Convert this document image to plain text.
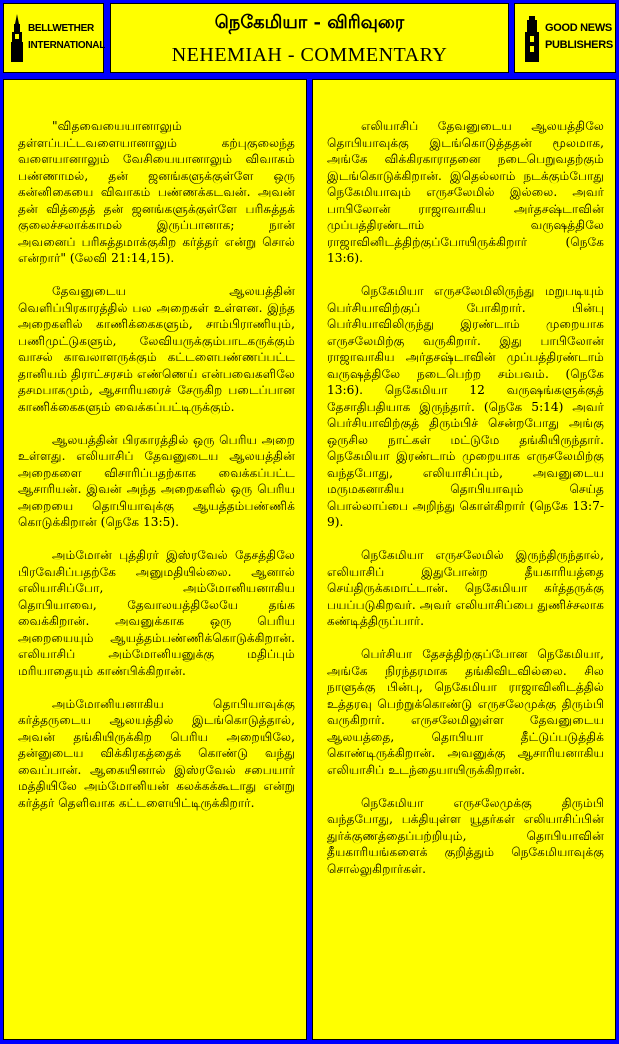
BELLWETHER
INTERNATIONAL
நெகேமியா - விரிவுரை
NEHEMIAH - COMMENTARY
GOOD NEWS
PUBLISHERS

"விதவையையானாலும் தள்ளப்பட்டவளையானாலும் கற்புகுலைந்த வளையானாலும் வேசியையானாலும் விவாகம் பண்ணாமல், தன் ஜனங்களுக்குள்ளே ஒரு கன்னிகையை விவாகம் பண்ணக்கடவன். அவன் தன் வித்தைத் தன் ஜனங்களுக்குள்ளே பரிசுத்தக் குலைச்சலாக்காமல் இருப்பானாக; நான் அவனைப் பரிசுத்தமாக்குகிற கர்த்தர் என்று சொல் என்றார்" (லேவி 21:14,15).

தேவனுடைய ஆலயத்தின் வெளிப்பிரகாரத்தில் பல அறைகள் உள்ளன. இந்த அறைகளில் காணிக்கைகளும், சாம்பிராணியும், பணிமுட்டுகளும், லேவியருக்கும்பாடகருக்கும் வாசல் காவலாளருக்கும் கட்டளைபண்ணப்பட்ட தானியம் திராட்சரசம் எண்ணெய் என்பவைகளிலே தசமபாகமும், ஆசாரியரைச் சேருகிற படைப்பான காணிக்கைகளும் வைக்கப்பட்டிருக்கும்.

ஆலயத்தின் பிரகாரத்தில் ஒரு பெரிய அறை உள்ளது. எலியாசிப் தேவனுடைய ஆலயத்தின் அறைகளை விசாரிப்பதற்காக வைக்கப்பட்ட ஆசாரியன். இவன் அந்த அறைகளில் ஒரு பெரிய அறையை தொபியாவுக்கு ஆயத்தம்பண்ணிக் கொடுக்கிறான் (நெகே 13:5).

அம்மோன் புத்திரர் இஸ்ரவேல் தேசத்திலே பிரவேசிப்பதற்கே அனுமதியில்லை. ஆனால் எலியாசிப்போ, அம்மோனியனாகிய தொபியாவை, தேவாலயத்திலேயே தங்க வைக்கிறான். அவனுக்காக ஒரு பெரிய அறையையும் ஆயத்தம்பண்ணிக்கொடுக்கிறான். எலியாசிப் அம்மோனியனுக்கு மதிப்பும் மரியாதையும் காண்பிக்கிறான்.

அம்மோனியனாகிய தொபியாவுக்கு கர்த்தருடைய ஆலயத்தில் இடங்கொடுத்தால், அவன் தங்கியிருக்கிற பெரிய அறையிலே, தன்னுடைய விக்கிரகத்தைக் கொண்டு வந்து வைப்பான். ஆகையினால் இஸ்ரவேல் சபையார் மத்தியிலே அம்மோனியன் கலக்கக்கூடாது என்று கர்த்தர் தெளிவாக கட்டளையிட்டிருக்கிறார்.

எலியாசிப் தேவனுடைய ஆலயத்திலே தொபியாவுக்கு இடங்கொடுத்ததன் மூலமாக, அங்கே விக்கிரகாராதனை நடைபெறுவதற்கும் இடங்கொடுக்கிறான். இதெல்லாம் நடக்கும்போது நெகேமியாவும் எருசலேமில் இல்லை. அவர் பாபிலோன் ராஜாவாகிய அர்தசஷ்டாவின் முப்பத்திரண்டாம் வருஷத்திலே ராஜாவினிடத்திற்குப்போயிருக்கிறார் (நெகே 13:6).

நெகேமியா எருசலேமிலிருந்து மறுபடியும் பெர்சியாவிற்குப் போகிறார். பின்பு பெர்சியாவிலிருந்து இரண்டாம் முறையாக எருசலேமிற்கு வருகிறார். இது பாபிலோன் ராஜாவாகிய அர்தசஷ்டாவின் முப்பத்திரண்டாம் வருஷத்திலே நடைபெற்ற சம்பவம். (நெகே 13:6). நெகேமியா 12 வருஷங்களுக்குத் தேசாதிபதியாக இருந்தார். (நெகே 5:14) அவர் பெர்சியாவிற்குத் திரும்பிச் சென்றபோது அங்கு ஒருசில நாட்கள் மட்டுமே தங்கியிருந்தார். நெகேமியா இரண்டாம் முறையாக எருசலேமிற்கு வந்தபோது, எலியாசிப்பும், அவனுடைய மருமகனாகிய தொபியாவும் செய்த பொல்லாப்பை அறிந்து கொள்கிறார் (நெகே 13:7-9).

நெகேமியா எருசலேமில் இருந்திருந்தால், எலியாசிப் இதுபோன்ற தீயகாரியத்தை செய்திருக்கமாட்டான். நெகேமியா கர்த்தருக்கு பயப்படுகிறவர். அவர் எலியாசிப்பை துணிச்சலாக கண்டித்திருப்பார்.

பெர்சியா தேசத்திற்குப்போன நெகேமியா, அங்கே நிரந்தரமாக தங்கிவிடவில்லை. சில நாளுக்கு பின்பு, நெகேமியா ராஜாவினிடத்தில் உத்தரவு பெற்றுக்கொண்டு எருசலேமுக்கு திரும்பி வருகிறார். எருசலேமிலுள்ள தேவனுடைய ஆலயத்தை, தொபியா தீட்டுப்படுத்திக் கொண்டிருக்கிறான். அவனுக்கு ஆசாரியனாகிய எலியாசிப் உடந்தையாயிருக்கிறான்.

நெகேமியா எருசலேமுக்கு திரும்பி வந்தபோது, பக்தியுள்ள யூதர்கள் எலியாசிப்பின் துர்க்குணத்தைப்பற்றியும், தொபியாவின் தீயகாரியங்களைக் குறித்தும் நெகேமியாவுக்கு சொல்லுகிறார்கள்.
